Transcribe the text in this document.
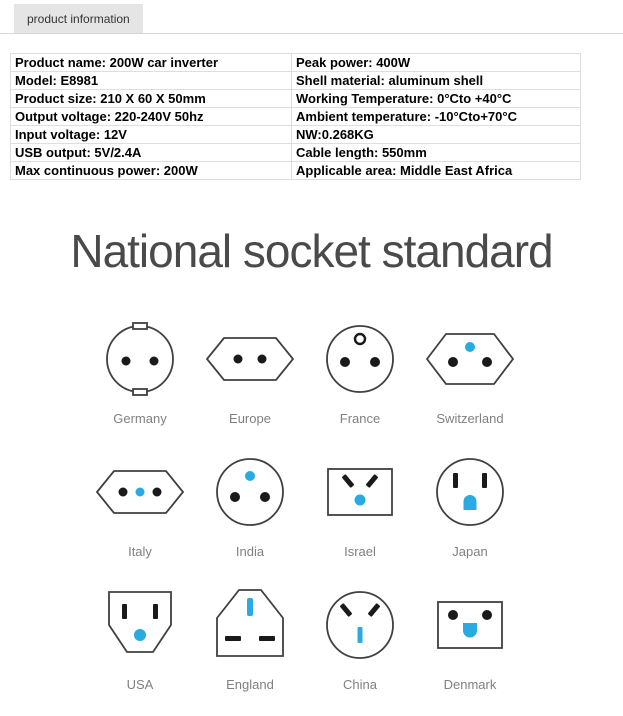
product information
Product name: 200W car inverter	Peak power: 400W
Model: E8981	Shell material: aluminum shell
Product size: 210 X 60 X 50mm	Working Temperature: 0°Cto +40°C
Output voltage: 220-240V 50hz	Ambient temperature: -10°Cto+70°C
Input voltage: 12V	NW:0.268KG
USB output: 5V/2.4A	Cable length: 550mm
Max continuous power: 200W	Applicable area: Middle East Africa
National socket standard
Germany	Europe	France	Switzerland
Italy	India	Israel	Japan
USA	England	China	Denmark
